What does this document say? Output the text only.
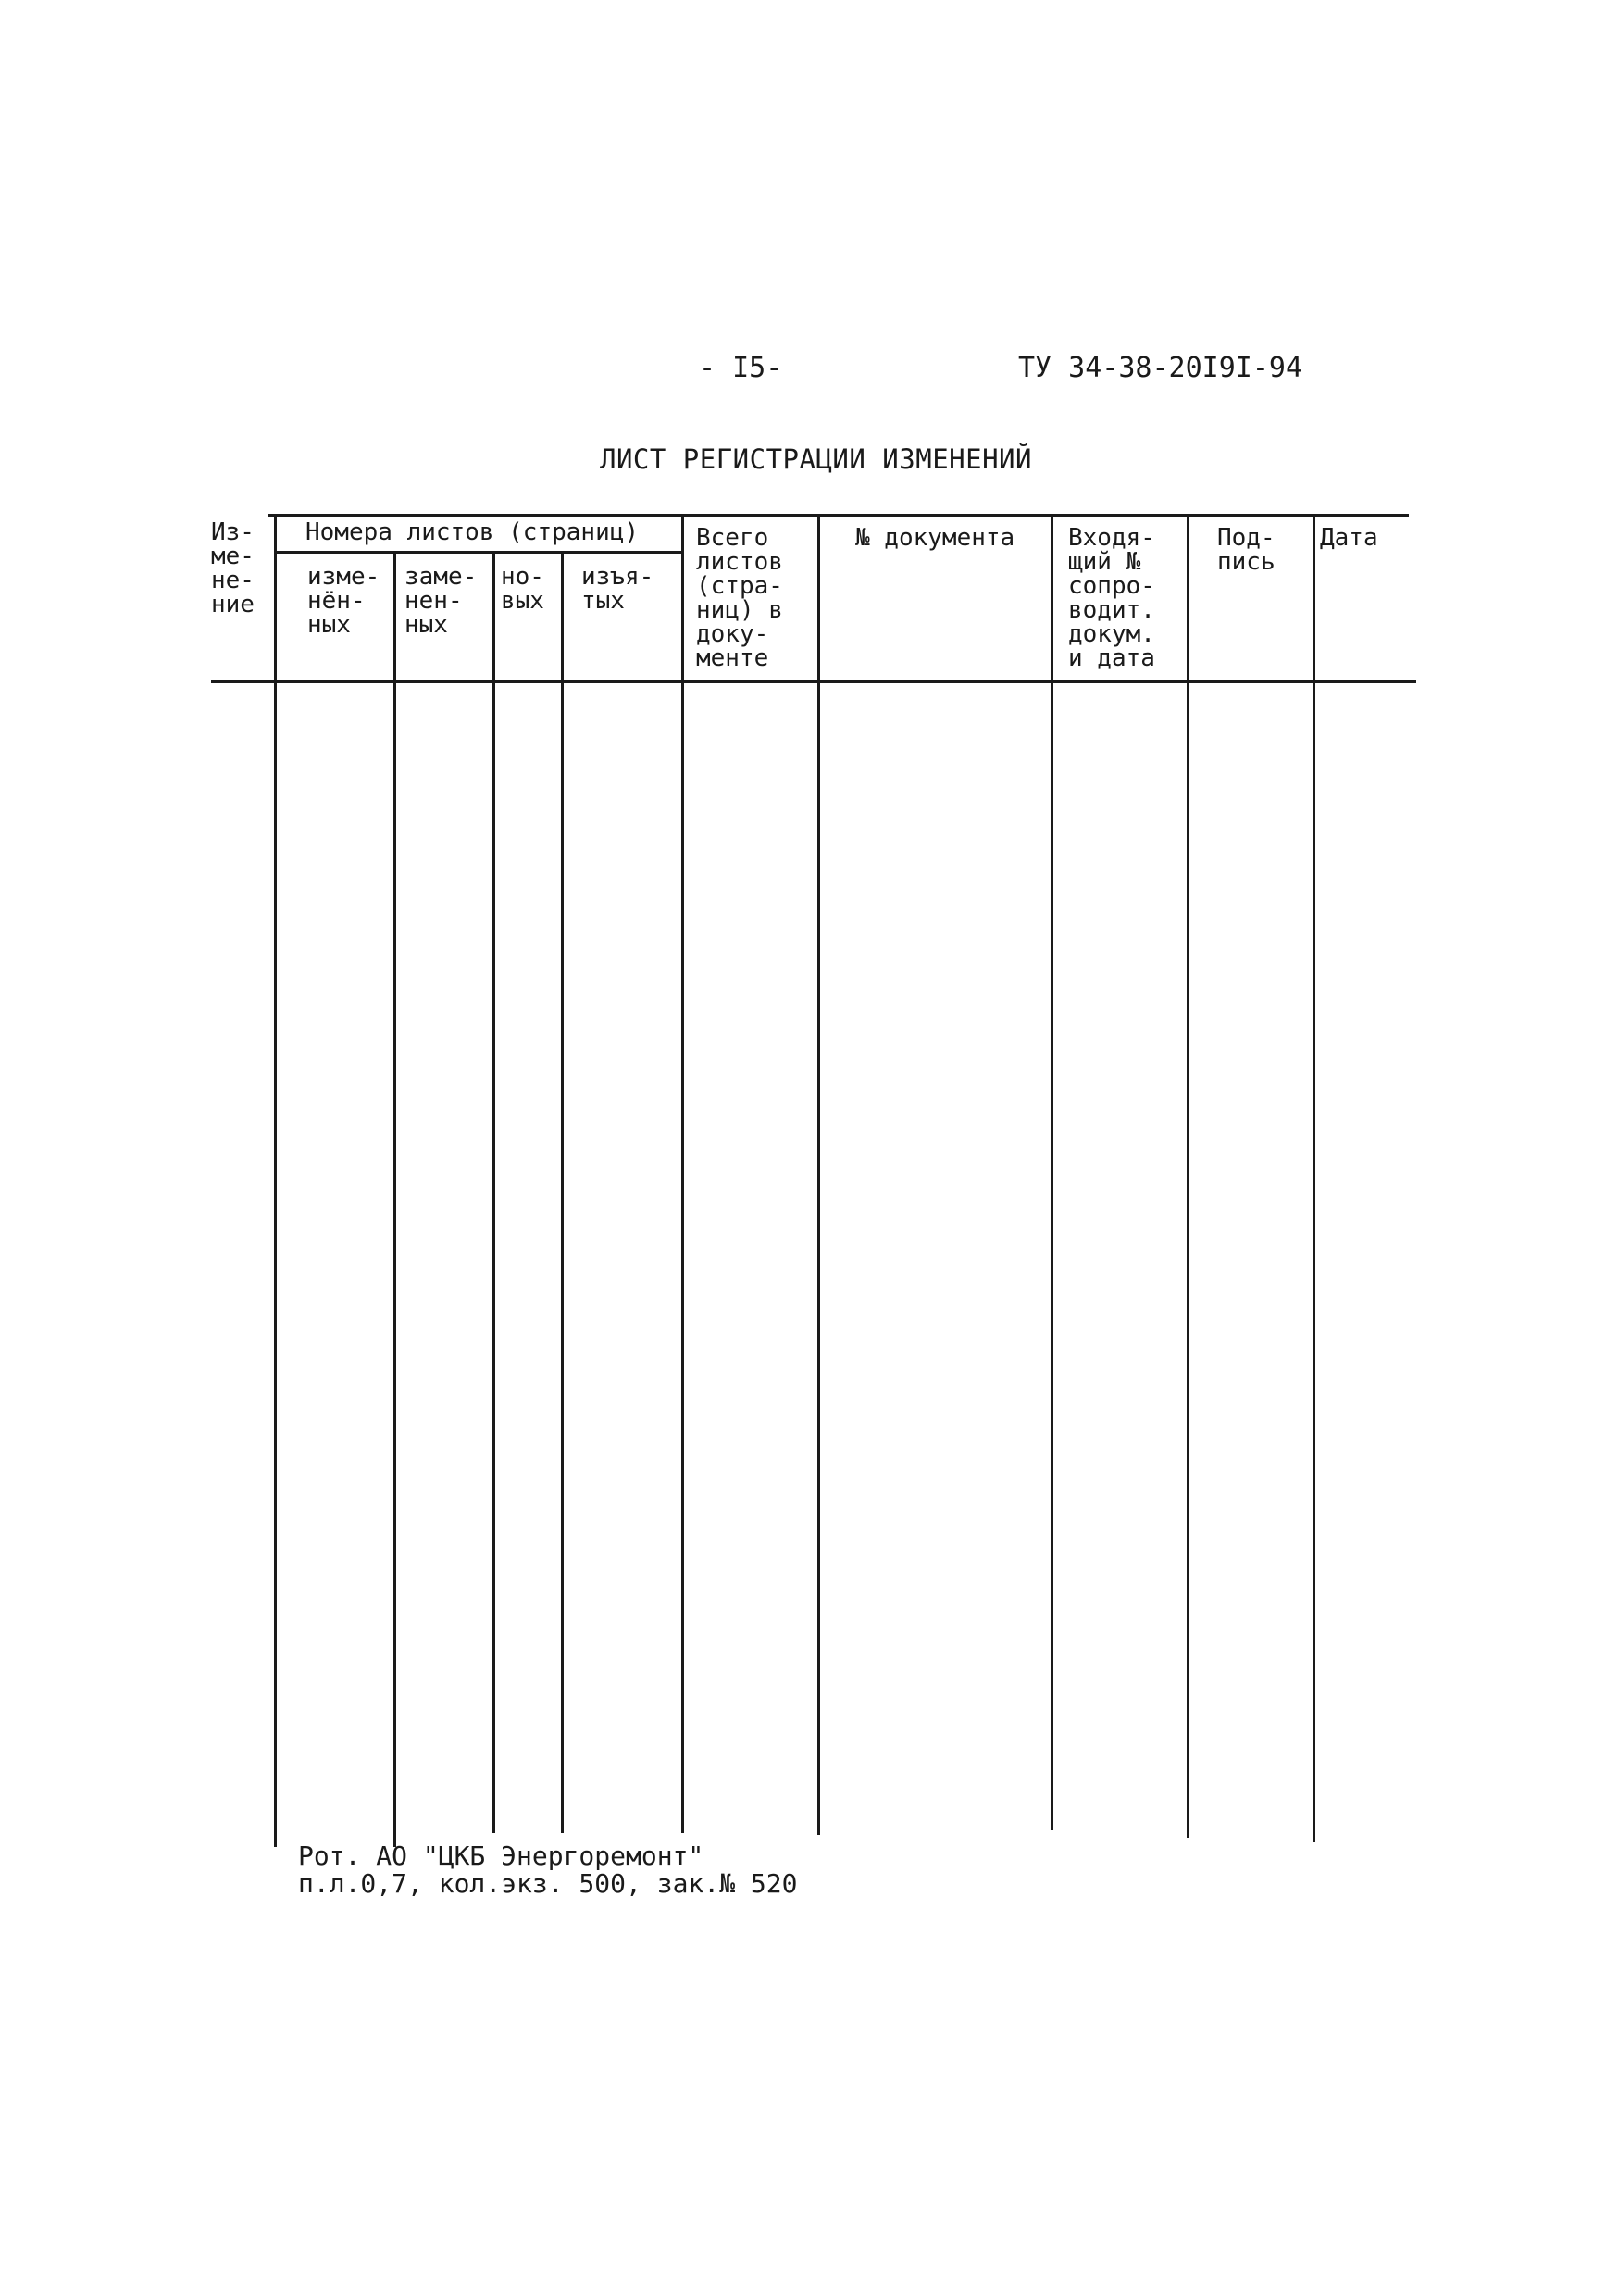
- I5-	ТУ 34-38-20I9I-94
ЛИСТ РЕГИСТРАЦИИ ИЗМЕНЕНИЙ
Из-
ме-
не-
ние
Номера листов (страниц)
изме-
нён-
ных
заме-
нен-
ных
но-
вых
изъя-
тых
Всего
листов
(стра-
ниц) в
доку-
менте
№ документа Входя-
щий №
сопро-
водит.
докум.
и дата
Под-
пись
Дата
Рот. АО "ЦКБ Энергоремонт"
п.л.0,7, кол.экз. 500, зак.№ 520
